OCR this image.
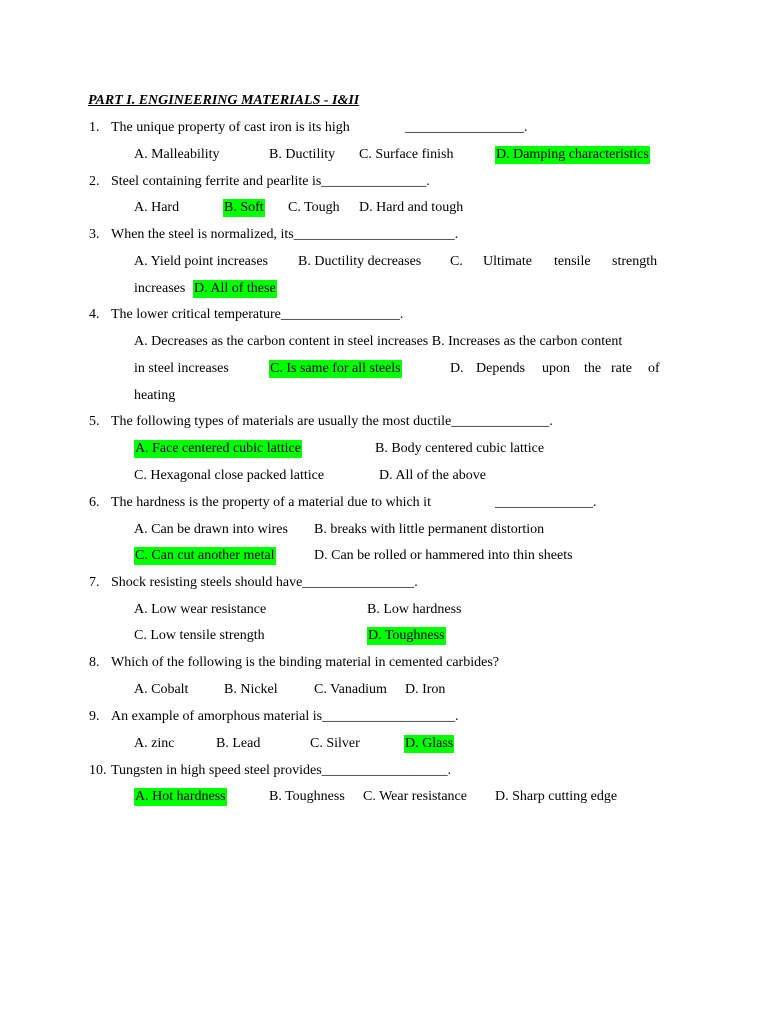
PART I. ENGINEERING MATERIALS - I&II
1. The unique property of cast iron is its high	_________________.
A. Malleability	B. Ductility C. Surface finish	D. Damping characteristics
2. Steel containing ferrite and pearlite is_______________.
A. Hard	B. Soft C. Tough D. Hard and tough
3. When the steel is normalized, its_______________________.
A. Yield point increases B. Ductility decreases C. Ultimate tensile strength
increases D. All of these
4. The lower critical temperature_________________.
A. Decreases as the carbon content in steel increases B. Increases as the carbon content
in steel increases	C. Is same for all steels	D. Depends upon the rate of
heating
5. The following types of materials are usually the most ductile______________.
A. Face centered cubic lattice	B. Body centered cubic lattice
C. Hexagonal close packed lattice	D. All of the above
6. The hardness is the property of a material due to which it	______________.
A. Can be drawn into wires B. breaks with little permanent distortion
C. Can cut another metal	D. Can be rolled or hammered into thin sheets
7. Shock resisting steels should have________________.
A. Low wear resistance	B. Low hardness
C. Low tensile strength	D. Toughness
8. Which of the following is the binding material in cemented carbides?
A. Cobalt	B. Nickel	C. Vanadium D. Iron
9. An example of amorphous material is___________________.
A. zinc	B. Lead	C. Silver	D. Glass
10. Tungsten in high speed steel provides__________________.
A. Hot hardness	B. Toughness C. Wear resistance D. Sharp cutting edge
